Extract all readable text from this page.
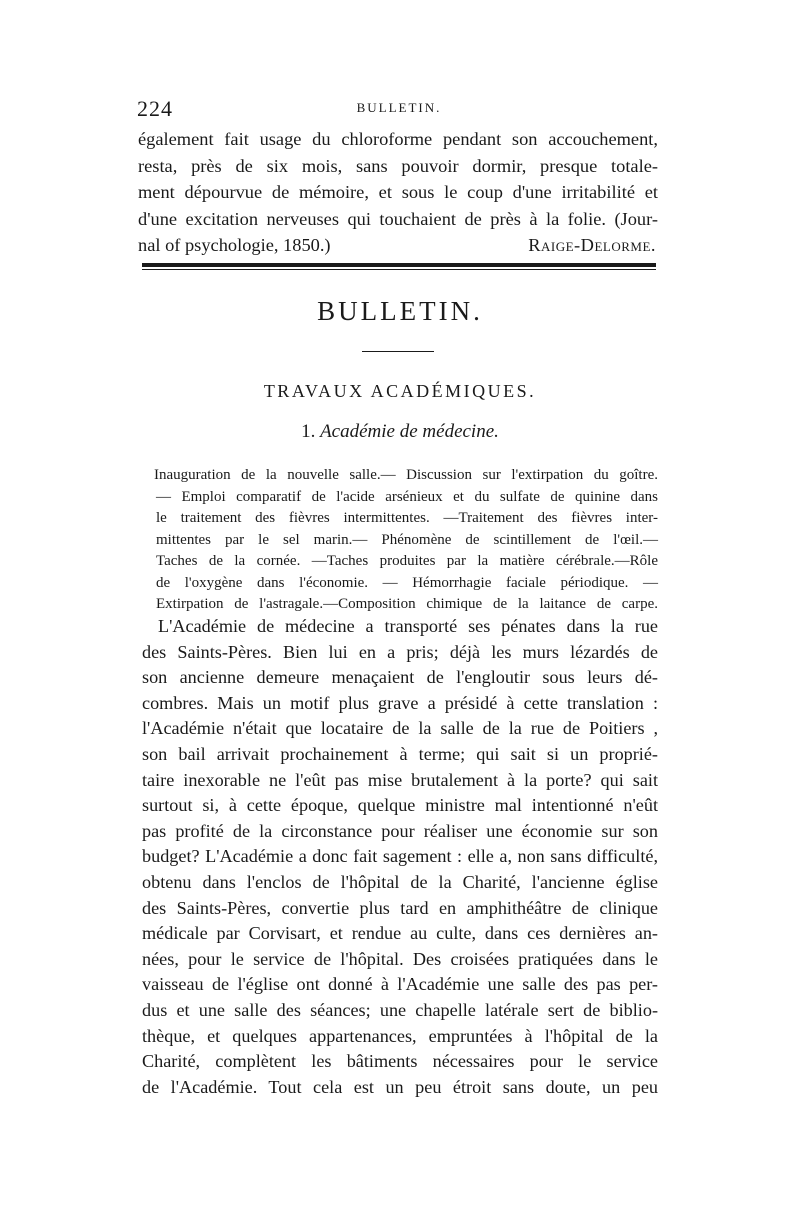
224	BULLETIN.
également fait usage du chloroforme pendant son accouchement,
resta, près de six mois, sans pouvoir dormir, presque totale-
ment dépourvue de mémoire, et sous le coup d'une irritabilité et
d'une excitation nerveuses qui touchaient de près à la folie. (Jour-
nal of psychologie, 1850.)	Raige-Delorme.
BULLETIN.
TRAVAUX ACADÉMIQUES.
1. Académie de médecine.
Inauguration de la nouvelle salle.— Discussion sur l'extirpation du goître.
— Emploi comparatif de l'acide arsénieux et du sulfate de quinine dans
le traitement des fièvres intermittentes. —Traitement des fièvres inter-
mittentes par le sel marin.— Phénomène de scintillement de l'œil.—
Taches de la cornée. —Taches produites par la matière cérébrale.—Rôle
de l'oxygène dans l'économie. — Hémorrhagie faciale périodique. —
Extirpation de l'astragale.—Composition chimique de la laitance de carpe.
L'Académie de médecine a transporté ses pénates dans la rue
des Saints-Pères. Bien lui en a pris; déjà les murs lézardés de
son ancienne demeure menaçaient de l'engloutir sous leurs dé-
combres. Mais un motif plus grave a présidé à cette translation :
l'Académie n'était que locataire de la salle de la rue de Poitiers ,
son bail arrivait prochainement à terme; qui sait si un proprié-
taire inexorable ne l'eût pas mise brutalement à la porte? qui sait
surtout si, à cette époque, quelque ministre mal intentionné n'eût
pas profité de la circonstance pour réaliser une économie sur son
budget? L'Académie a donc fait sagement : elle a, non sans difficulté,
obtenu dans l'enclos de l'hôpital de la Charité, l'ancienne église
des Saints-Pères, convertie plus tard en amphithéâtre de clinique
médicale par Corvisart, et rendue au culte, dans ces dernières an-
nées, pour le service de l'hôpital. Des croisées pratiquées dans le
vaisseau de l'église ont donné à l'Académie une salle des pas per-
dus et une salle des séances; une chapelle latérale sert de biblio-
thèque, et quelques appartenances, empruntées à l'hôpital de la
Charité, complètent les bâtiments nécessaires pour le service
de l'Académie. Tout cela est un peu étroit sans doute, un peu
